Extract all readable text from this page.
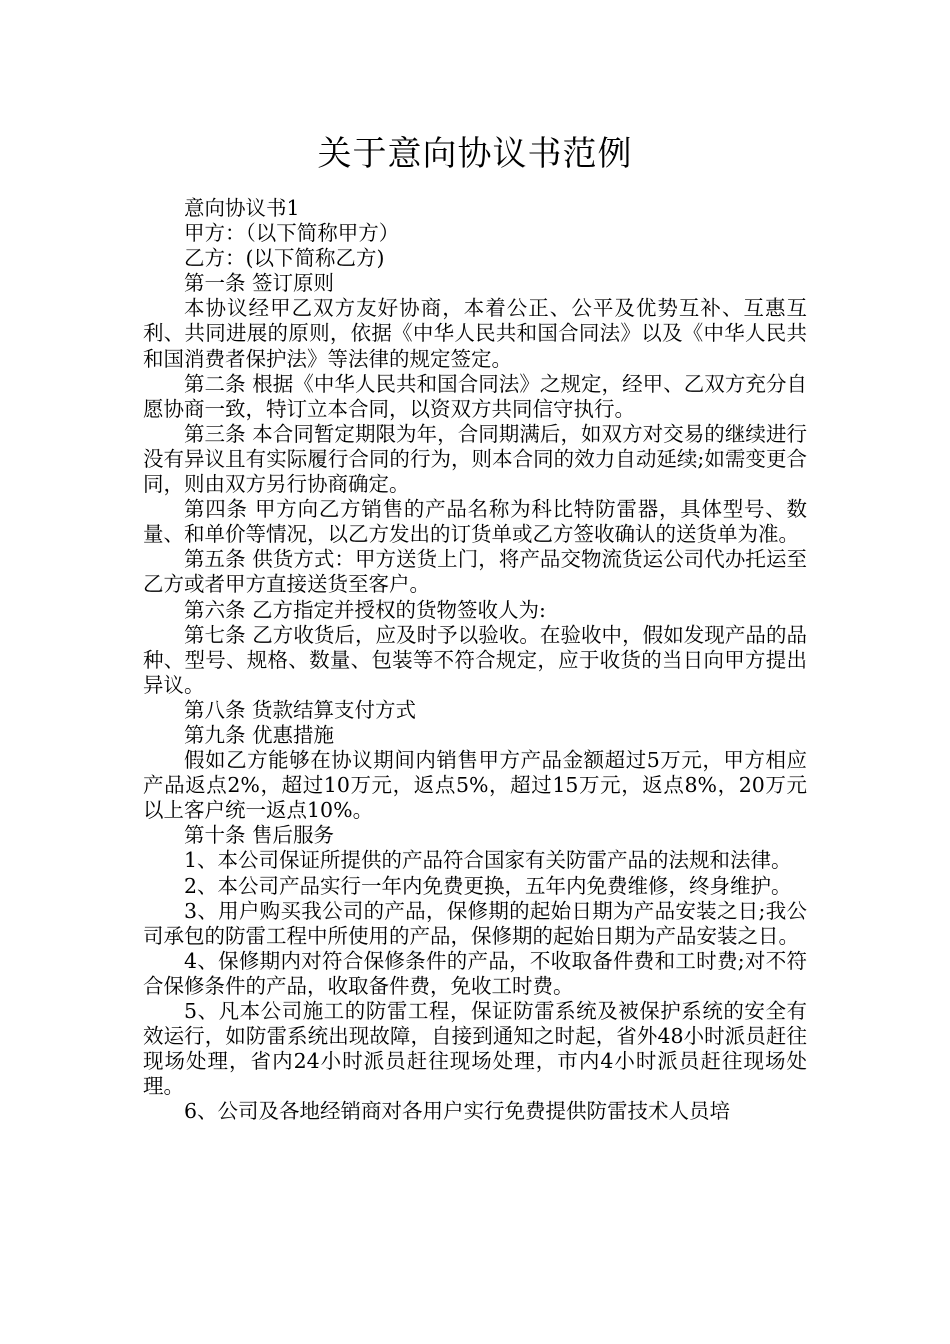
关于意向协议书范例

意向协议书1

甲方：（以下简称甲方）

乙方：(以下简称乙方)

第一条 签订原则

本协议经甲乙双方友好协商，本着公正、公平及优势互补、互惠互利、共同进展的原则，依据《中华人民共和国合同法》以及《中华人民共和国消费者保护法》等法律的规定签定。

第二条 根据《中华人民共和国合同法》之规定，经甲、乙双方充分自愿协商一致，特订立本合同，以资双方共同信守执行。

第三条 本合同暂定期限为年，合同期满后，如双方对交易的继续进行没有异议且有实际履行合同的行为，则本合同的效力自动延续;如需变更合同，则由双方另行协商确定。

第四条 甲方向乙方销售的产品名称为科比特防雷器，具体型号、数量、和单价等情况，以乙方发出的订货单或乙方签收确认的送货单为准。

第五条 供货方式：甲方送货上门，将产品交物流货运公司代办托运至乙方或者甲方直接送货至客户。

第六条 乙方指定并授权的货物签收人为:

第七条 乙方收货后，应及时予以验收。在验收中，假如发现产品的品种、型号、规格、数量、包装等不符合规定，应于收货的当日向甲方提出异议。

第八条 货款结算支付方式

第九条 优惠措施

假如乙方能够在协议期间内销售甲方产品金额超过5万元，甲方相应产品返点2%，超过10万元，返点5%，超过15万元，返点8%，20万元以上客户统一返点10%。

第十条 售后服务

1、本公司保证所提供的产品符合国家有关防雷产品的法规和法律。

2、本公司产品实行一年内免费更换，五年内免费维修，终身维护。

3、用户购买我公司的产品，保修期的起始日期为产品安装之日;我公司承包的防雷工程中所使用的产品，保修期的起始日期为产品安装之日。

4、保修期内对符合保修条件的产品，不收取备件费和工时费;对不符合保修条件的产品，收取备件费，免收工时费。

5、凡本公司施工的防雷工程，保证防雷系统及被保护系统的安全有效运行，如防雷系统出现故障，自接到通知之时起，省外48小时派员赶往现场处理，省内24小时派员赶往现场处理，市内4小时派员赶往现场处理。

6、公司及各地经销商对各用户实行免费提供防雷技术人员培
